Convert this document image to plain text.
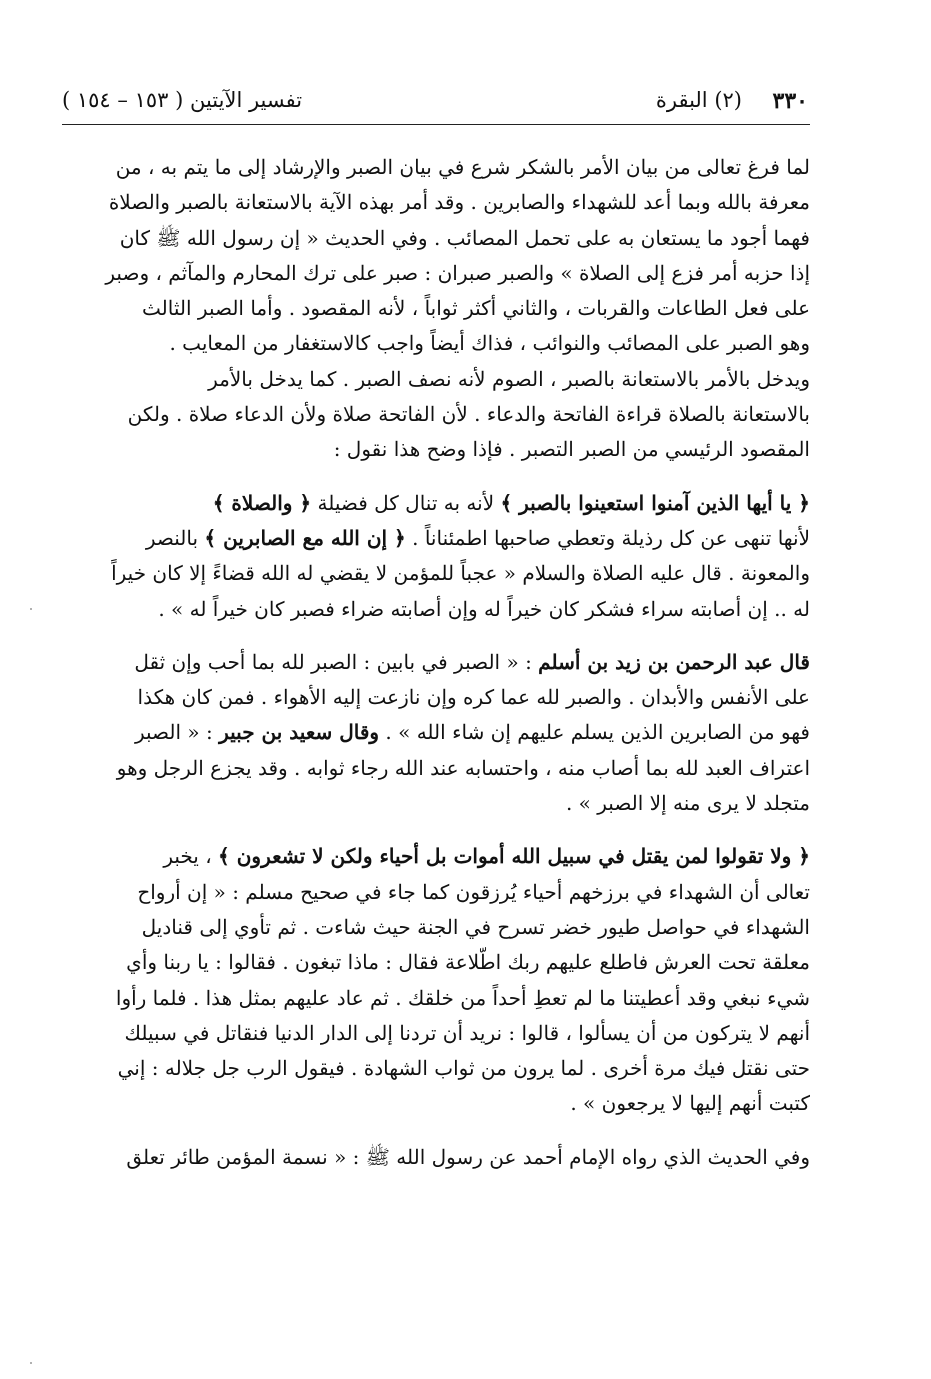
٣٣٠
(٢) البقرة
تفسير الآيتين ( ١٥٣ – ١٥٤ )
لما فرغ تعالى من بيان الأمر بالشكر شرع في بيان الصبر والإرشاد إلى ما يتم به ، من
معرفة بالله وبما أعد للشهداء والصابرين . وقد أمر بهذه الآية بالاستعانة بالصبر والصلاة
فهما أجود ما يستعان به على تحمل المصائب . وفي الحديث « إن رسول الله ﷺ كان
إذا حزبه أمر فزع إلى الصلاة » والصبر صبران : صبر على ترك المحارم والمآثم ، وصبر
على فعل الطاعات والقربات ، والثاني أكثر ثواباً ، لأنه المقصود . وأما الصبر الثالث
وهو الصبر على المصائب والنوائب ، فذاك أيضاً واجب كالاستغفار من المعايب .
ويدخل بالأمر بالاستعانة بالصبر ، الصوم لأنه نصف الصبر . كما يدخل بالأمر
بالاستعانة بالصلاة قراءة الفاتحة والدعاء . لأن الفاتحة صلاة ولأن الدعاء صلاة . ولكن
المقصود الرئيسي من الصبر التصبر . فإذا وضح هذا نقول :
﴿ يا أيها الذين آمنوا استعينوا بالصبر ﴾ لأنه به تنال كل فضيلة ﴿ والصلاة ﴾
لأنها تنهى عن كل رذيلة وتعطي صاحبها اطمئناناً . ﴿ إن الله مع الصابرين ﴾ بالنصر
والمعونة . قال عليه الصلاة والسلام « عجباً للمؤمن لا يقضي له الله قضاءً إلا كان خيراً
له .. إن أصابته سراء فشكر كان خيراً له وإن أصابته ضراء فصبر كان خيراً له » .
قال عبد الرحمن بن زيد بن أسلم : « الصبر في بابين : الصبر لله بما أحب وإن ثقل
على الأنفس والأبدان . والصبر لله عما كره وإن نازعت إليه الأهواء . فمن كان هكذا
فهو من الصابرين الذين يسلم عليهم إن شاء الله » . وقال سعيد بن جبير : « الصبر
اعتراف العبد لله بما أصاب منه ، واحتسابه عند الله رجاء ثوابه . وقد يجزع الرجل وهو
متجلد لا يرى منه إلا الصبر » .
﴿ ولا تقولوا لمن يقتل في سبيل الله أموات بل أحياء ولكن لا تشعرون ﴾ ، يخبر
تعالى أن الشهداء في برزخهم أحياء يُرزقون كما جاء في صحيح مسلم : « إن أرواح
الشهداء في حواصل طيور خضر تسرح في الجنة حيث شاءت . ثم تأوي إلى قناديل
معلقة تحت العرش فاطلع عليهم ربك اطّلاعة فقال : ماذا تبغون . فقالوا : يا ربنا وأي
شيء نبغي وقد أعطيتنا ما لم تعطِ أحداً من خلقك . ثم عاد عليهم بمثل هذا . فلما رأوا
أنهم لا يتركون من أن يسألوا ، قالوا : نريد أن تردنا إلى الدار الدنيا فنقاتل في سبيلك
حتى نقتل فيك مرة أخرى . لما يرون من ثواب الشهادة . فيقول الرب جل جلاله : إني
كتبت أنهم إليها لا يرجعون » .
وفي الحديث الذي رواه الإمام أحمد عن رسول الله ﷺ : « نسمة المؤمن طائر تعلق
